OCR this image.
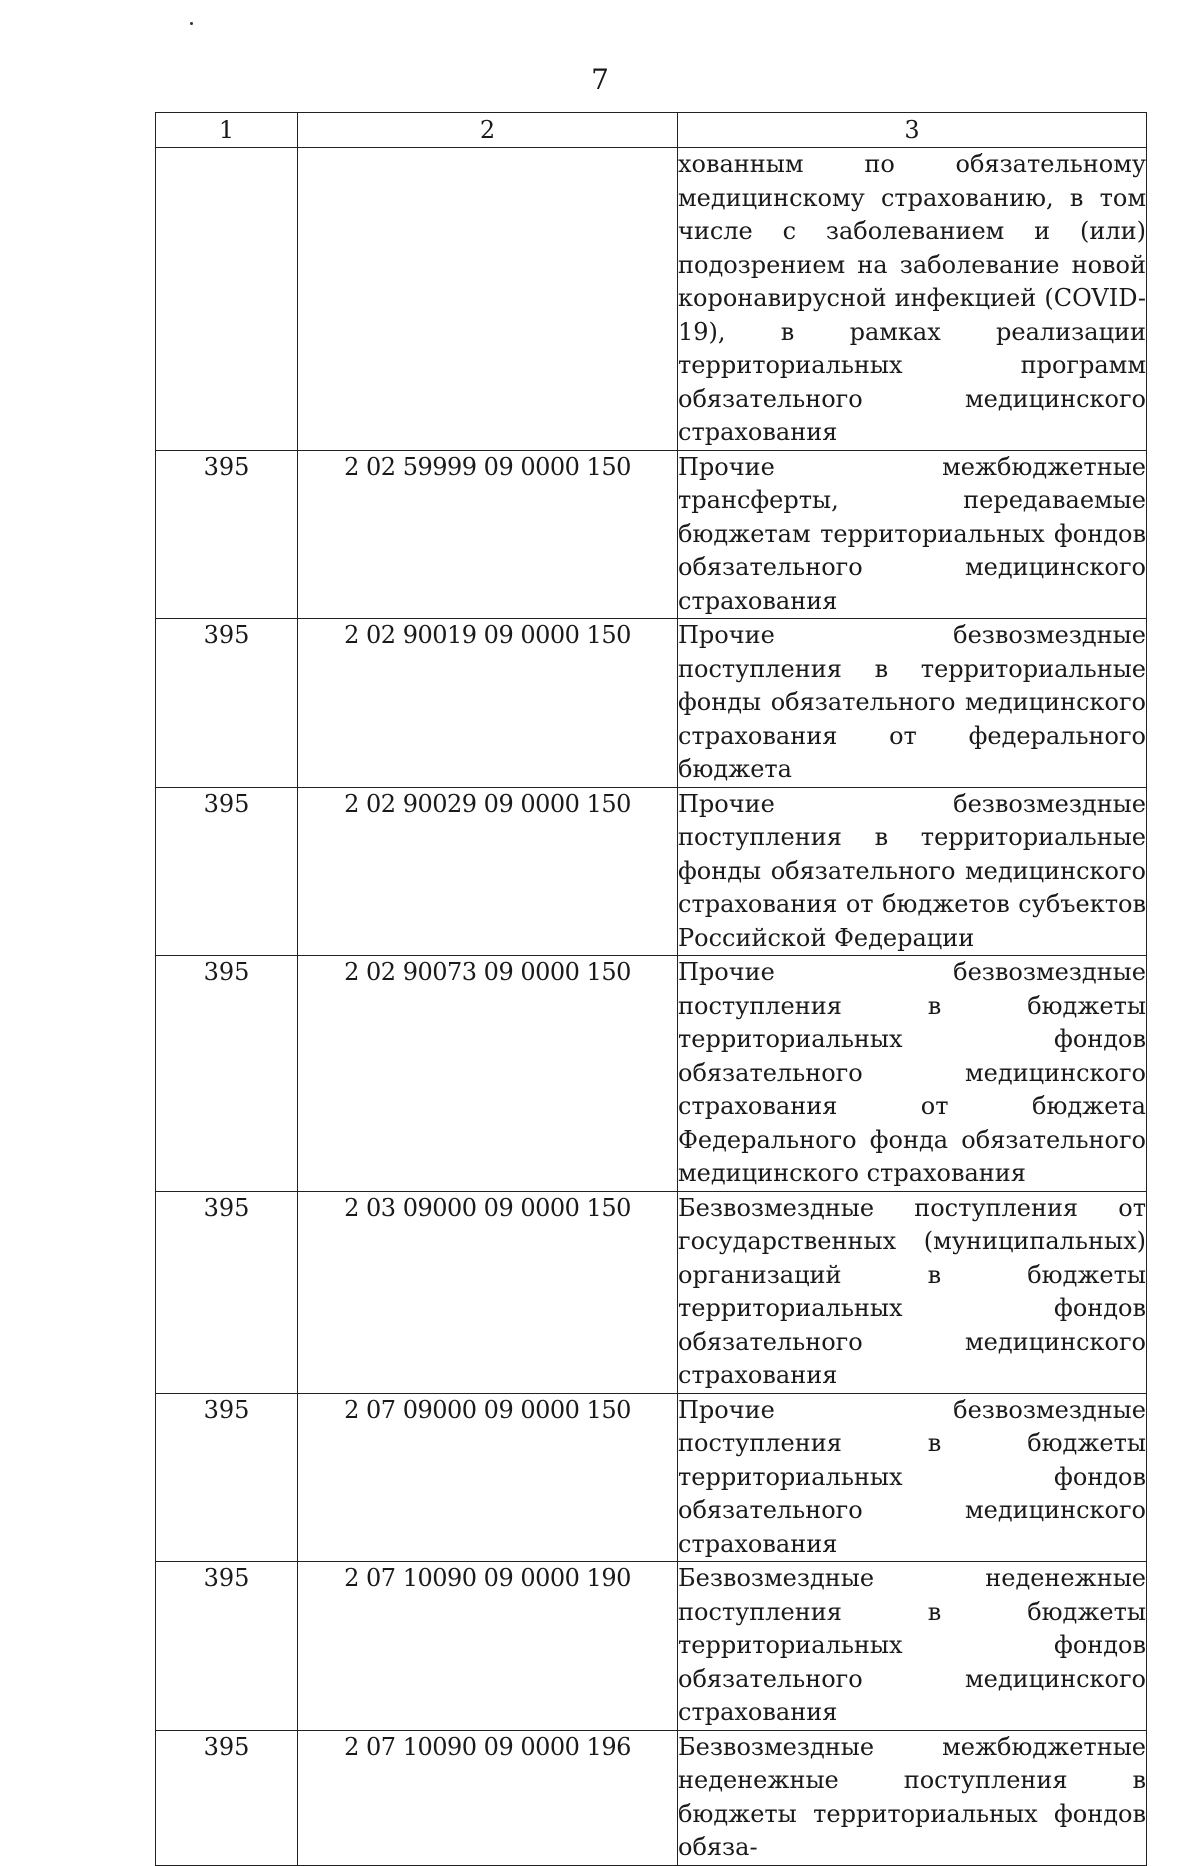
7
1	2	3
		хованным по обязательному медицинскому страхованию, в том числе с заболеванием и (или) подозрением на заболевание новой коронавирусной инфекцией (COVID-19), в рамках реализации территориальных программ обязательного медицинского страхования
395	2 02 59999 09 0000 150	Прочие межбюджетные трансферты, передаваемые бюджетам территориальных фондов обязательного медицинского страхования
395	2 02 90019 09 0000 150	Прочие безвозмездные поступления в территориальные фонды обязательного медицинского страхования от федерального бюджета
395	2 02 90029 09 0000 150	Прочие безвозмездные поступления в территориальные фонды обязательного медицинского страхования от бюджетов субъектов Российской Федерации
395	2 02 90073 09 0000 150	Прочие безвозмездные поступления в бюджеты территориальных фондов обязательного медицинского страхования от бюджета Федерального фонда обязательного медицинского страхования
395	2 03 09000 09 0000 150	Безвозмездные поступления от государственных (муниципальных) организаций в бюджеты территориальных фондов обязательного медицинского страхования
395	2 07 09000 09 0000 150	Прочие безвозмездные поступления в бюджеты территориальных фондов обязательного медицинского страхования
395	2 07 10090 09 0000 190	Безвозмездные неденежные поступления в бюджеты территориальных фондов обязательного медицинского страхования
395	2 07 10090 09 0000 196	Безвозмездные межбюджетные неденежные поступления в бюджеты территориальных фондов обяза-
